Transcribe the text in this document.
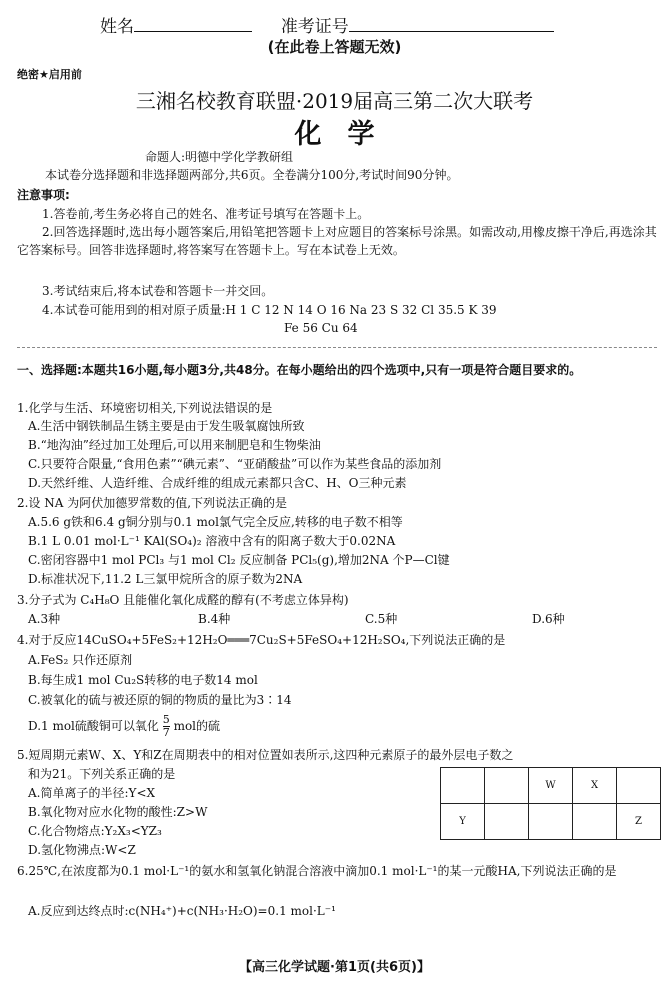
姓名	准考证号
(在此卷上答题无效)
绝密★启用前
三湘名校教育联盟·2019届高三第二次大联考
化学
命题人:明德中学化学教研组
本试卷分选择题和非选择题两部分,共6页。全卷满分100分,考试时间90分钟。
注意事项:
1.答卷前,考生务必将自己的姓名、准考证号填写在答题卡上。
2.回答选择题时,选出每小题答案后,用铅笔把答题卡上对应题目的答案标号涂黑。如需改动,用橡皮擦干净后,再选涂其它答案标号。回答非选择题时,将答案写在答题卡上。写在本试卷上无效。
3.考试结束后,将本试卷和答题卡一并交回。
4.本试卷可能用到的相对原子质量:H 1 C 12 N 14 O 16 Na 23 S 32 Cl 35.5 K 39
Fe 56 Cu 64
一、选择题:本题共16小题,每小题3分,共48分。在每小题给出的四个选项中,只有一项是符合题目要求的。
1.化学与生活、环境密切相关,下列说法错误的是
A.生活中钢铁制品生锈主要是由于发生吸氧腐蚀所致
B.“地沟油”经过加工处理后,可以用来制肥皂和生物柴油
C.只要符合限量,“食用色素”“碘元素”、“亚硝酸盐”可以作为某些食品的添加剂
D.天然纤维、人造纤维、合成纤维的组成元素都只含C、H、O三种元素
2.设 NA 为阿伏加德罗常数的值,下列说法正确的是
A.5.6 g铁和6.4 g铜分别与0.1 mol氯气完全反应,转移的电子数不相等
B.1 L 0.01 mol·L⁻¹ KAl(SO₄)₂ 溶液中含有的阳离子数大于0.02NA
C.密闭容器中1 mol PCl₃ 与1 mol Cl₂ 反应制备 PCl₅(g),增加2NA 个P—Cl键
D.标准状况下,11.2 L三氯甲烷所含的原子数为2NA
3.分子式为 C₄H₈O 且能催化氧化成醛的醇有(不考虑立体异构)
A.3种	B.4种	C.5种	D.6种
4.对于反应14CuSO₄+5FeS₂+12H₂O═══7Cu₂S+5FeSO₄+12H₂SO₄,下列说法正确的是
A.FeS₂ 只作还原剂
B.每生成1 mol Cu₂S转移的电子数14 mol
C.被氧化的硫与被还原的铜的物质的量比为3∶14
D.1 mol硫酸铜可以氧化 $\frac{5}{7}$ mol的硫
5.短周期元素W、X、Y和Z在周期表中的相对位置如表所示,这四种元素原子的最外层电子数之
和为21。下列关系正确的是
A.简单离子的半径:Y<X
B.氧化物对应水化物的酸性:Z>W
C.化合物熔点:Y₂X₃<YZ₃
D.氢化物沸点:W<Z
		W	X	
Y				Z
6.25℃,在浓度都为0.1 mol·L⁻¹的氨水和氢氧化钠混合溶液中滴加0.1 mol·L⁻¹的某一元酸HA,下列说法正确的是
A.反应到达终点时:c(NH₄⁺)+c(NH₃·H₂O)=0.1 mol·L⁻¹
【高三化学试题·第1页(共6页)】
